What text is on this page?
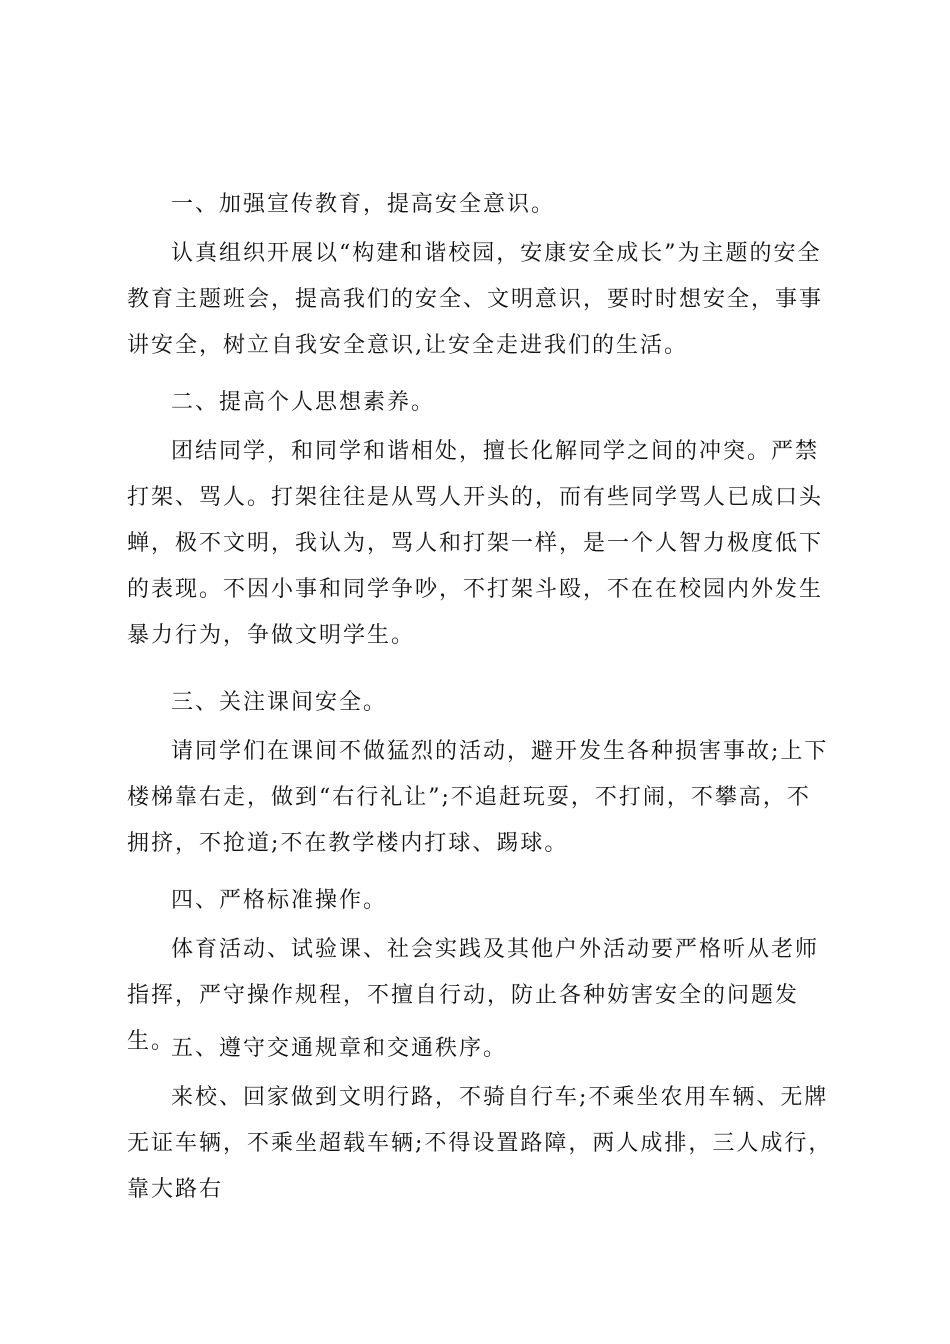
一、加强宣传教育，提高安全意识。

认真组织开展以“构建和谐校园，安康安全成长”为主题的安全教育主题班会，提高我们的安全、文明意识，要时时想安全，事事讲安全，树立自我安全意识,让安全走进我们的生活。

二、提高个人思想素养。

团结同学，和同学和谐相处，擅长化解同学之间的冲突。严禁打架、骂人。打架往往是从骂人开头的，而有些同学骂人已成口头蝉，极不文明，我认为，骂人和打架一样，是一个人智力极度低下的表现。不因小事和同学争吵，不打架斗殴，不在在校园内外发生暴力行为，争做文明学生。

三、关注课间安全。

请同学们在课间不做猛烈的活动，避开发生各种损害事故;上下楼梯靠右走，做到“右行礼让”;不追赶玩耍，不打闹，不攀高，不拥挤，不抢道;不在教学楼内打球、踢球。

四、严格标准操作。

体育活动、试验课、社会实践及其他户外活动要严格听从老师指挥，严守操作规程，不擅自行动，防止各种妨害安全的问题发生。

五、遵守交通规章和交通秩序。

来校、回家做到文明行路，不骑自行车;不乘坐农用车辆、无牌无证车辆，不乘坐超载车辆;不得设置路障，两人成排，三人成行，靠大路右
